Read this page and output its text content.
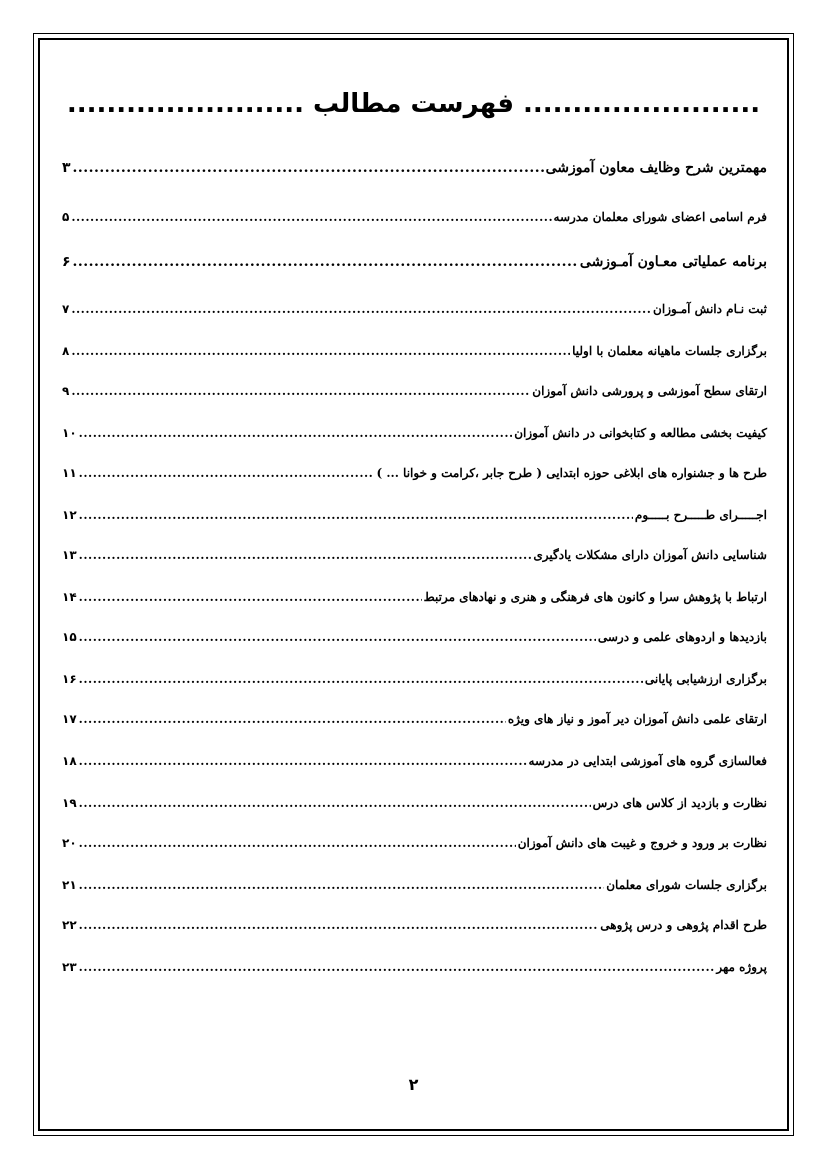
........................ فهرست مطالب ........................
مهمترین شرح وظایف معاون آموزشی
.....
۳
فرم اسامی اعضای شورای معلمان مدرسه
.....
۵
برنامه عملیاتی معـاون آمـوزشی
.....
۶
ثبت نـام دانش آمـوزان
.....
۷
برگزاری جلسات ماهیانه معلمان با اولیا
.....
۸
ارتقای سطح آموزشی و پرورشی دانش آموزان
.....
۹
کیفیت بخشی مطالعه و کتابخوانی در دانش آموزان
.....
۱۰
طرح ها و جشنواره های ابلاغی حوزه ابتدایی ( طرح جابر ،کرامت و خوانا ... )
.....
۱۱
اجـــــرای طـــــرح بـــــوم
.....
۱۲
شناسایی دانش آموزان دارای مشکلات یادگیری
.....
۱۳
ارتباط با پژوهش سرا و کانون های فرهنگی و هنری و نهادهای مرتبط
.....
۱۴
بازدیدها و اردوهای علمی و درسی
.....
۱۵
برگزاری ارزشیابی پایانی
.....
۱۶
ارتقای علمی دانش آموزان دیر آموز و نیاز های ویژه
.....
۱۷
فعالسازی گروه های آموزشی ابتدایی در مدرسه
.....
۱۸
نظارت و بازدید از کلاس های درس
.....
۱۹
نظارت بر ورود و خروج و غیبت های دانش آموزان
.....
۲۰
برگزاری جلسات شورای معلمان
.....
۲۱
طرح اقدام پژوهی و درس پژوهی
.....
۲۲
پروژه مهر
.....
۲۳
۲
